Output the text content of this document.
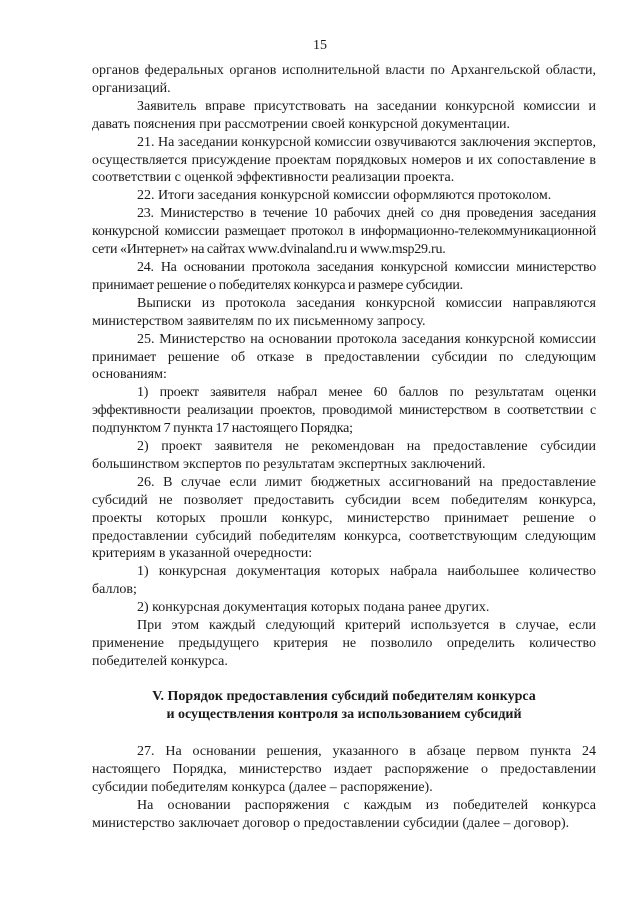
15

органов федеральных органов исполнительной власти по Архангельской области, организаций.

Заявитель вправе присутствовать на заседании конкурсной комиссии и давать пояснения при рассмотрении своей конкурсной документации.

21. На заседании конкурсной комиссии озвучиваются заключения экспертов, осуществляется присуждение проектам порядковых номеров и их сопоставление в соответствии с оценкой эффективности реализации проекта.

22. Итоги заседания конкурсной комиссии оформляются протоколом.

23. Министерство в течение 10 рабочих дней со дня проведения заседания конкурсной комиссии размещает протокол в информационно-телекоммуникационной сети «Интернет» на сайтах www.dvinaland.ru и www.msp29.ru.

24. На основании протокола заседания конкурсной комиссии министерство принимает решение о победителях конкурса и размере субсидии.

Выписки из протокола заседания конкурсной комиссии направляются министерством заявителям по их письменному запросу.

25. Министерство на основании протокола заседания конкурсной комиссии принимает решение об отказе в предоставлении субсидии по следующим основаниям:

1) проект заявителя набрал менее 60 баллов по результатам оценки эффективности реализации проектов, проводимой министерством в соответствии с подпунктом 7 пункта 17 настоящего Порядка;

2) проект заявителя не рекомендован на предоставление субсидии большинством экспертов по результатам экспертных заключений.

26. В случае если лимит бюджетных ассигнований на предоставление субсидий не позволяет предоставить субсидии всем победителям конкурса, проекты которых прошли конкурс, министерство принимает решение о предоставлении субсидий победителям конкурса, соответствующим следующим критериям в указанной очередности:

1) конкурсная документация которых набрала наибольшее количество баллов;

2) конкурсная документация которых подана ранее других.

При этом каждый следующий критерий используется в случае, если применение предыдущего критерия не позволило определить количество победителей конкурса.

V. Порядок предоставления субсидий победителям конкурса
и осуществления контроля за использованием субсидий

27. На основании решения, указанного в абзаце первом пункта 24 настоящего Порядка, министерство издает распоряжение о предоставлении субсидии победителям конкурса (далее – распоряжение).

На основании распоряжения с каждым из победителей конкурса министерство заключает договор о предоставлении субсидии (далее – договор).
